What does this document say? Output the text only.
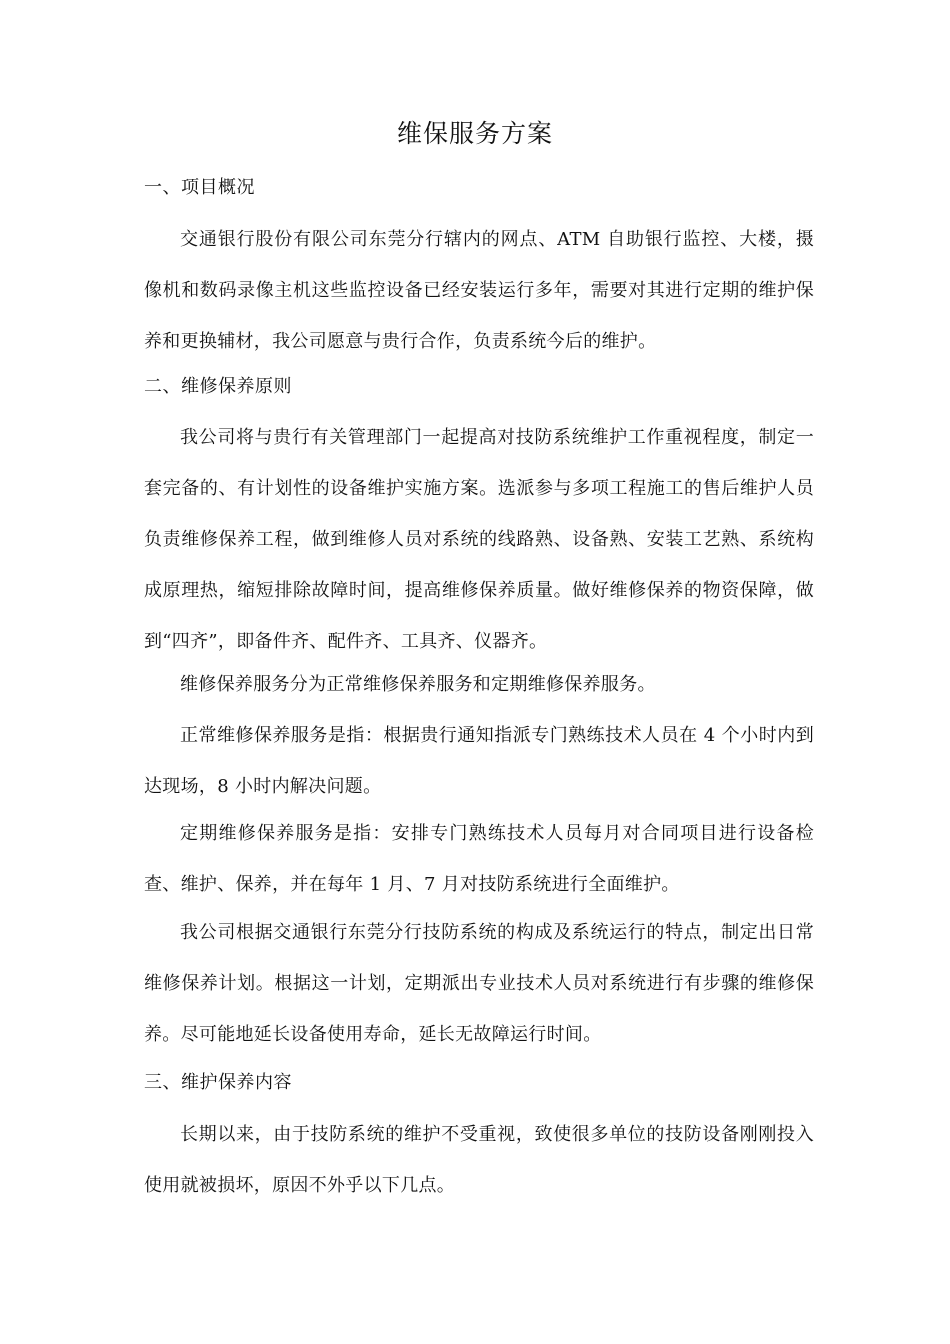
维保服务方案
一、项目概况
交通银行股份有限公司东莞分行辖内的网点、ATM 自助银行监控、大楼，摄像机和数码录像主机这些监控设备已经安装运行多年，需要对其进行定期的维护保养和更换辅材，我公司愿意与贵行合作，负责系统今后的维护。
二、维修保养原则
我公司将与贵行有关管理部门一起提高对技防系统维护工作重视程度，制定一套完备的、有计划性的设备维护实施方案。选派参与多项工程施工的售后维护人员负责维修保养工程，做到维修人员对系统的线路熟、设备熟、安装工艺熟、系统构成原理热，缩短排除故障时间，提高维修保养质量。做好维修保养的物资保障，做到“四齐”，即备件齐、配件齐、工具齐、仪器齐。
维修保养服务分为正常维修保养服务和定期维修保养服务。
正常维修保养服务是指：根据贵行通知指派专门熟练技术人员在 4 个小时内到达现场，8 小时内解决问题。
定期维修保养服务是指：安排专门熟练技术人员每月对合同项目进行设备检查、维护、保养，并在每年 1 月、7 月对技防系统进行全面维护。
我公司根据交通银行东莞分行技防系统的构成及系统运行的特点，制定出日常维修保养计划。根据这一计划，定期派出专业技术人员对系统进行有步骤的维修保养。尽可能地延长设备使用寿命，延长无故障运行时间。
三、维护保养内容
长期以来，由于技防系统的维护不受重视，致使很多单位的技防设备刚刚投入使用就被损坏，原因不外乎以下几点。
